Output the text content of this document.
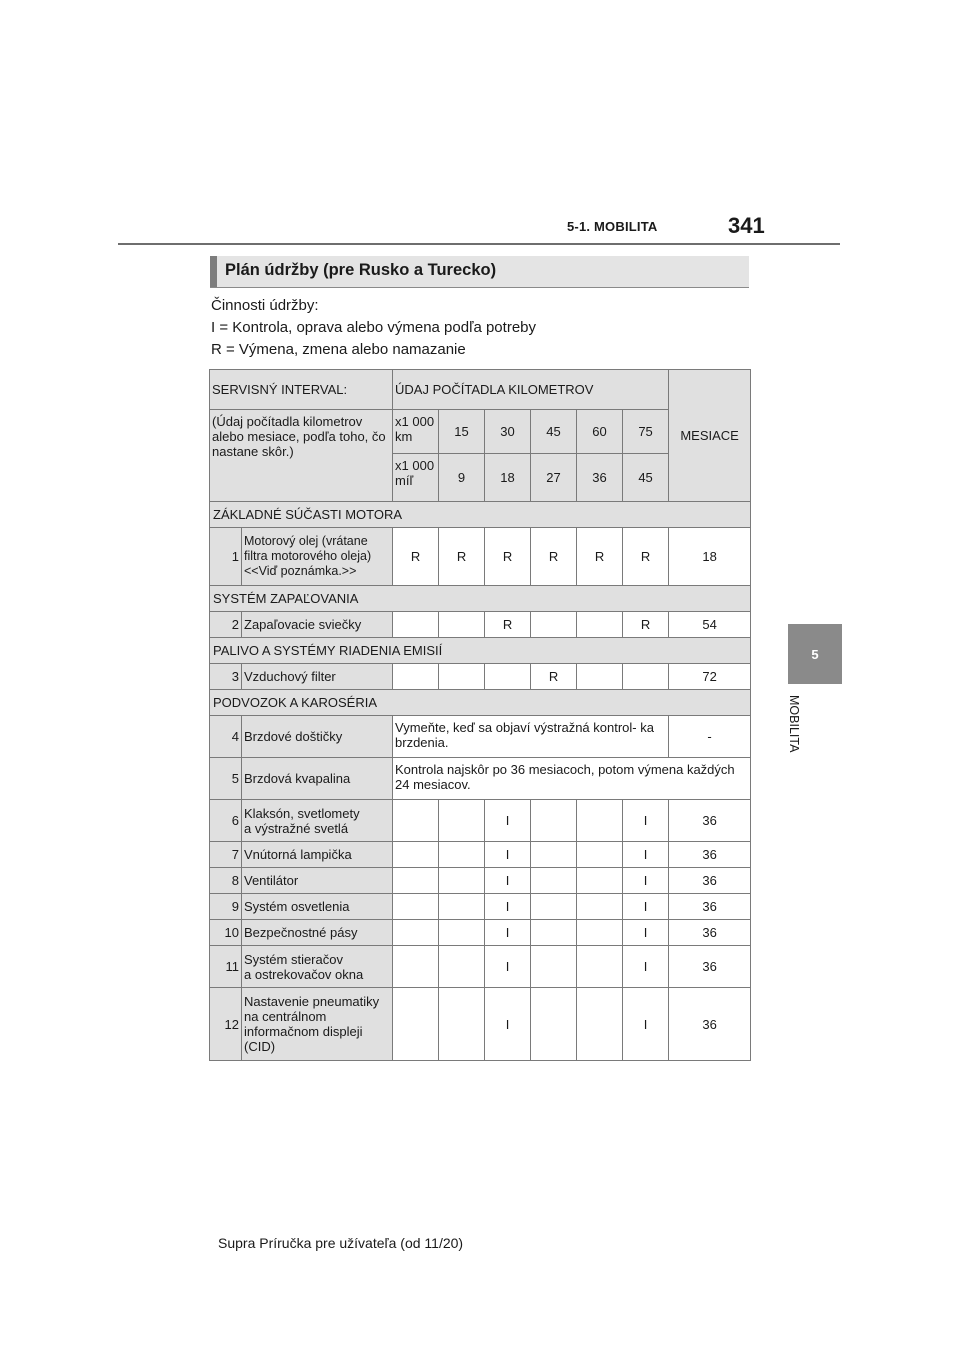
5-1. MOBILITA	341
5
MOBILITA
Plán údržby (pre Rusko a Turecko)
Činnosti údržby:
I = Kontrola, oprava alebo výmena podľa potreby
R = Výmena, zmena alebo namazanie
SERVISNÝ INTERVAL:		ÚDAJ POČÍTADLA KILOMETROV						MESIACE
(Údaj počítadla kilometrov alebo mesiace, podľa toho, čo nastane skôr.)		x1 000 km	15	30	45	60	75	
		x1 000 míľ	9	18	27	36	45	
ZÁKLADNÉ SÚČASTI MOTORA								
1	Motorový olej (vrátane
filtra motorového oleja)
<<Viď poznámka.>>	R	R	R	R	R	R	18
SYSTÉM ZAPAĽOVANIA								
2	Zapaľovacie sviečky			R			R	54
PALIVO A SYSTÉMY RIADENIA EMISIÍ								
3	Vzduchový filter				R			72
PODVOZOK A KAROSÉRIA								
4	Brzdové doštičky	Vymeňte, keď sa objaví výstražná kontrol- ka brzdenia.						-
5	Brzdová kvapalina	Kontrola najskôr po 36 mesiacoch, potom výmena každých 24 mesiacov.						
6	Klaksón, svetlomety
a výstražné svetlá			I			I	36
7	Vnútorná lampička			I			I	36
8	Ventilátor			I			I	36
9	Systém osvetlenia			I			I	36
10	Bezpečnostné pásy			I			I	36
11	Systém stieračov
a ostrekovačov okna			I			I	36
12	Nastavenie pneumatiky na centrálnom informačnom displeji (CID)			I			I	36
Supra Príručka pre užívateľa (od 11/20)
